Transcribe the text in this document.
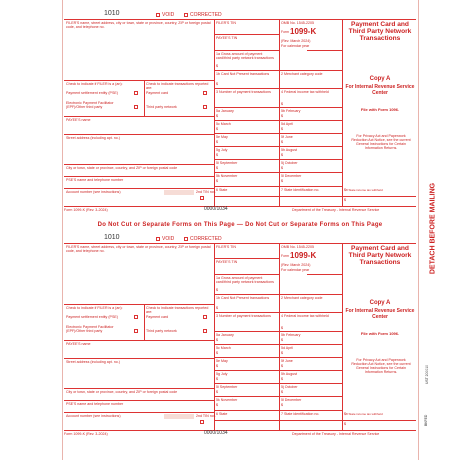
1010	VOID	CORRECTED
FILER'S name, street address, city or town, state or province, country, ZIP or foreign postal code, and telephone no.
FILER'S TIN
PAYEE'S TIN
OMB No. 1545-2205
Form 1099-K
(Rev. March 2024)
For calendar year
Payment Card and Third Party Network Transactions
1a Gross amount of payment card/third party network transactions
$
Check to indicate if FILER is a (an):	Check to indicate transactions reported are:
Payment settlement entity (PSE)	Payment card
Electronic Payment Facilitator (EPF)/Other third party	Third party network
1b Card Not Present transactions
$
2 Merchant category code
3 Number of payment transactions	4 Federal income tax withheld
$
PAYEE'S name
Street address (including apt. no.)
City or town, state or province, country, and ZIP or foreign postal code
PSE'S name and telephone number
Account number (see instructions)	2nd TIN not.
5a January	5b February
$	$
5c March	5d April
$	$
5e May	5f June
$	$
5g July	5h August
$	$
5i September	5j October
$	$
5k November	5l December
$	$
6 State	7 State identification no.	8 State income tax withheld
$
$
Copy A
For Internal Revenue Service Center
File with Form 1096.
For Privacy Act and Paperwork Reduction Act Notice, see the current General Instructions for Certain Information Returns.
Form 1099-K (Rev. 3-2024)	0000/1034	Department of the Treasury - Internal Revenue Service
1010	VOID	CORRECTED
FILER'S name, street address, city or town, state or province, country, ZIP or foreign postal code, and telephone no.
FILER'S TIN
PAYEE'S TIN
OMB No. 1545-2205
Form 1099-K
(Rev. March 2024)
For calendar year
Payment Card and Third Party Network Transactions
1a Gross amount of payment card/third party network transactions
$
Check to indicate if FILER is a (an):	Check to indicate transactions reported are:
Payment settlement entity (PSE)	Payment card
Electronic Payment Facilitator (EPF)/Other third party	Third party network
1b Card Not Present transactions
$
2 Merchant category code
3 Number of payment transactions	4 Federal income tax withheld
$
PAYEE'S name
Street address (including apt. no.)
City or town, state or province, country, and ZIP or foreign postal code
PSE'S name and telephone number
Account number (see instructions)	2nd TIN not.
5a January	5b February
$	$
5c March	5d April
$	$
5e May	5f June
$	$
5g July	5h August
$	$
5i September	5j October
$	$
5k November	5l December
$	$
6 State	7 State identification no.	8 State income tax withheld
$
$
Copy A
For Internal Revenue Service Center
File with Form 1096.
For Privacy Act and Paperwork Reduction Act Notice, see the current General Instructions for Certain Information Returns.
Form 1099-K (Rev. 3-2024)	0000/1034	Department of the Treasury - Internal Revenue Service
Do Not Cut or Separate Forms on This Page — Do Not Cut or Separate Forms on This Page	DETACH BEFORE MAILING
UST 200010
BKFED
